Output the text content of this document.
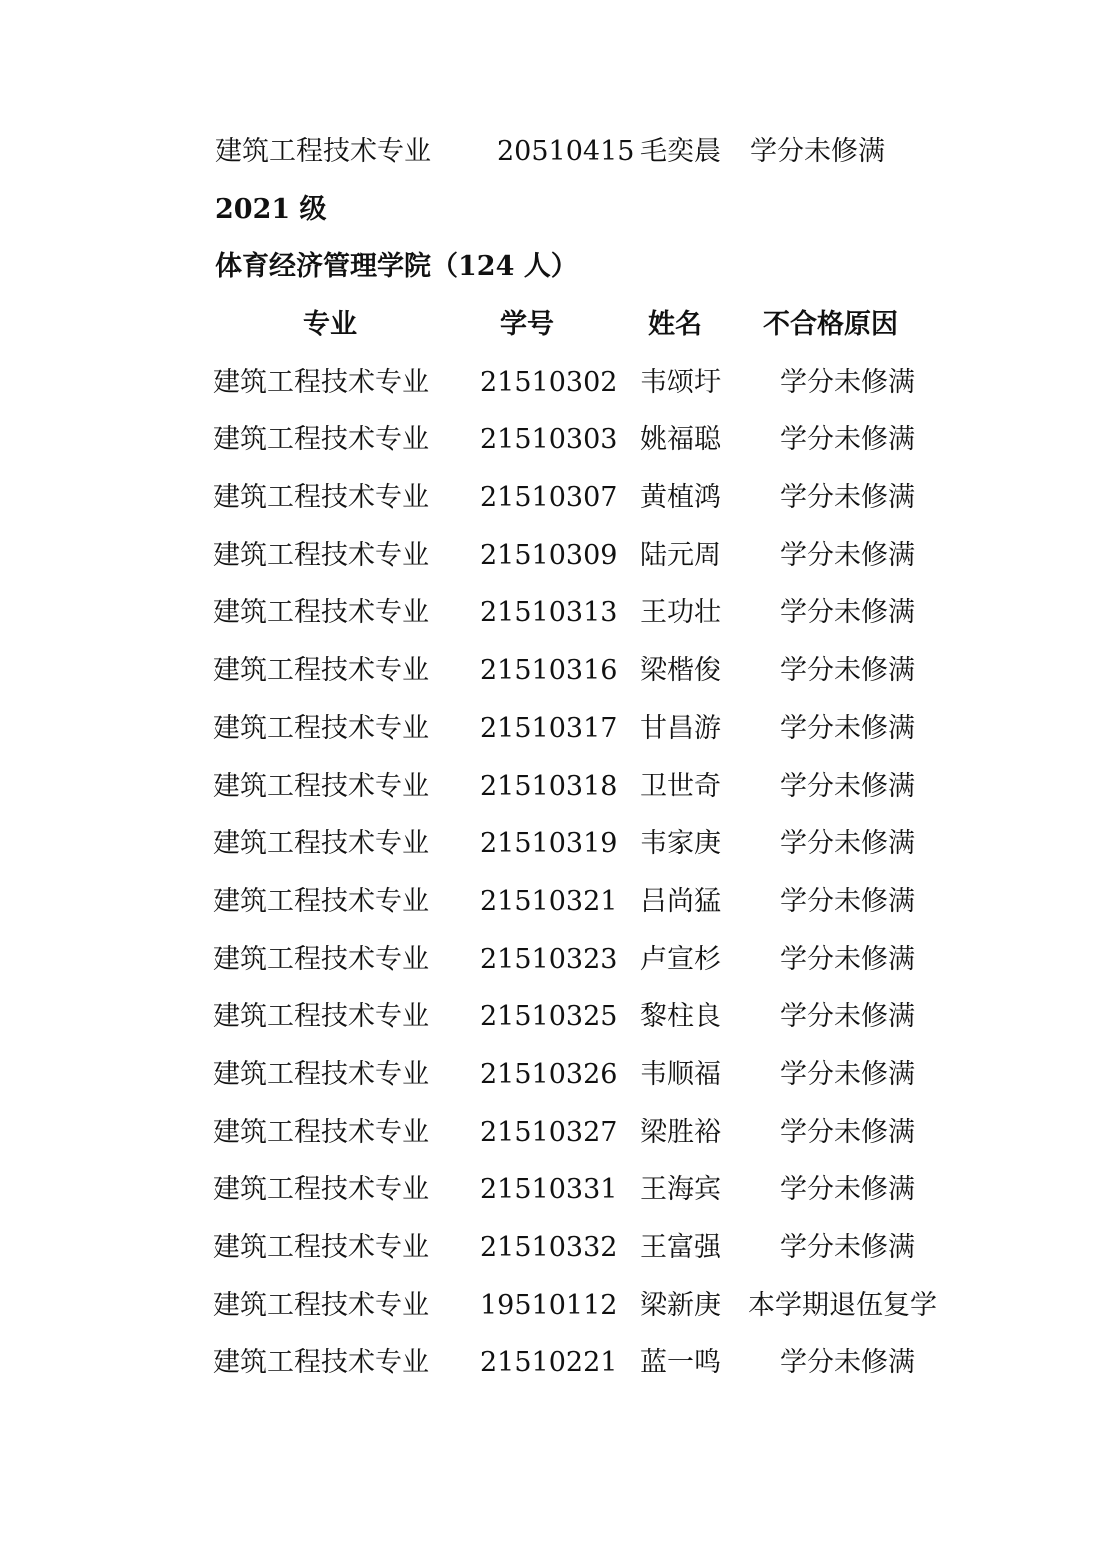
建筑工程技术专业 20510415 毛奕晨 学分未修满
2021 级
体育经济管理学院（124 人）
专业	学号	姓名 不合格原因
建筑工程技术专业 21510302 韦颂圩 学分未修满
建筑工程技术专业 21510303 姚福聪 学分未修满
建筑工程技术专业 21510307 黄植鸿 学分未修满
建筑工程技术专业 21510309 陆元周 学分未修满
建筑工程技术专业 21510313 王功壮 学分未修满
建筑工程技术专业 21510316 梁楷俊 学分未修满
建筑工程技术专业 21510317 甘昌游 学分未修满
建筑工程技术专业 21510318 卫世奇 学分未修满
建筑工程技术专业 21510319 韦家庚 学分未修满
建筑工程技术专业 21510321 吕尚猛 学分未修满
建筑工程技术专业 21510323 卢宣杉 学分未修满
建筑工程技术专业 21510325 黎柱良 学分未修满
建筑工程技术专业 21510326 韦顺福 学分未修满
建筑工程技术专业 21510327 梁胜裕 学分未修满
建筑工程技术专业 21510331 王海宾 学分未修满
建筑工程技术专业 21510332 王富强 学分未修满
建筑工程技术专业 19510112 梁新庚 本学期退伍复学
建筑工程技术专业 21510221 蓝一鸣 学分未修满
